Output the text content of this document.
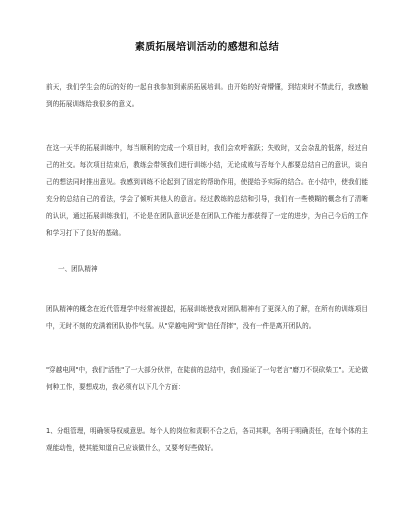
素质拓展培训活动的感想和总结

前天，我们学生会的玩的好的一起自我参加到素质拓展培训。由开始的好奇懵懂，到结束时不禁此行，我感触到的拓展训练给我很多的意义。

在这一天半的拓展训练中，每当顺利的完成一个项目时，我们会欢呼雀跃；失败时，又会杂乱的低落，经过自己的社交。每次项目结束后，教练会带领我们进行训练小结，无论成败与否每个人都要总结自己的意识，谈自己的想法同时推出意见。我感到训练不论起到了固定的帮助作用，使提给予实际的结合。在小结中，使我们能充分的总结自己的看法，学会了倾听其他人的意言。经过教练的总结和引导，我们有一些模糊的概念有了清晰的认识，通过拓展训练我们，不论是在团队意识还是在团队工作能力都获得了一定的进步，为自己今后的工作和学习打下了良好的基础。

一、团队精神

团队精神的概念在近代管理学中经常被提起，拓展训练使我对团队精神有了更深入的了解，在所有的训练项目中，无时不刻的充满着团队协作气氛。从"穿越电网"到"信任背摔"，没有一件是离开团队的。

"穿越电网"中，我们"活性"了一大部分伙伴，在陡前的总结中，我们验证了一句老言"磨刀不误砍柴工"。无论做何种工作，要想成功，我必须有以下几个方面：

1、分组管理，明确领导权威意思。每个人的岗位和责职不合之后，各司其职，各明于明确责任，在每个体的主观能动性，使其能知道自己应该做什么，又要考好些做好。
